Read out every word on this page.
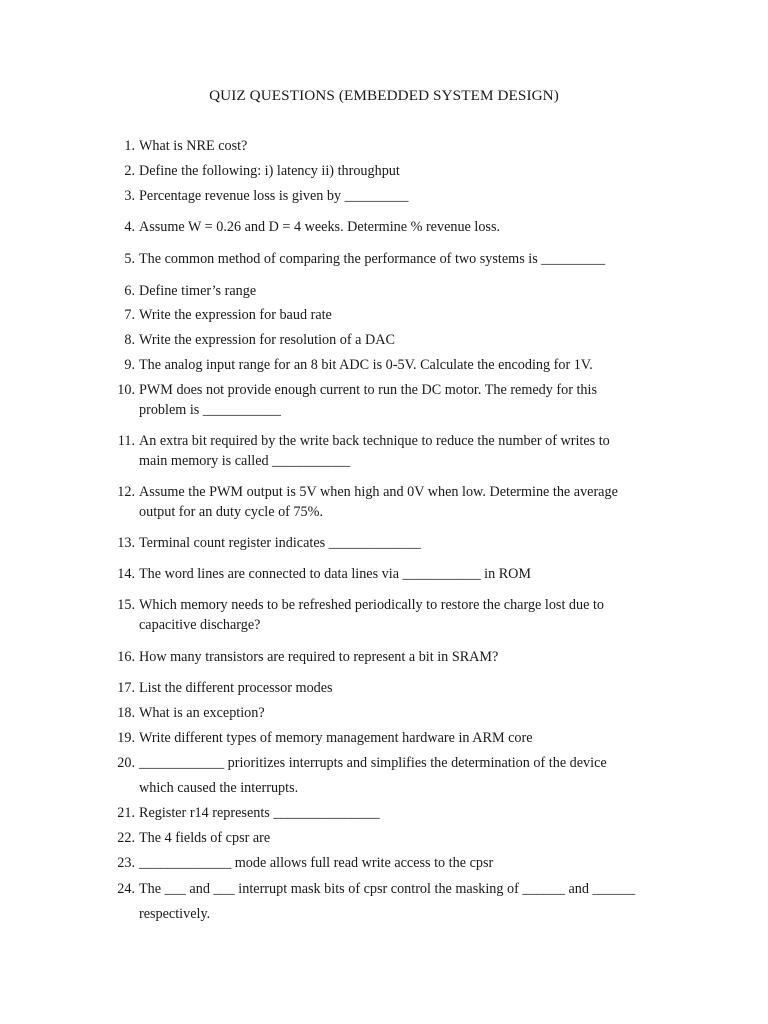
QUIZ QUESTIONS (EMBEDDED SYSTEM DESIGN)
1. What is NRE cost?
2. Define the following: i) latency ii) throughput
3. Percentage revenue loss is given by _________
4. Assume W = 0.26 and D = 4 weeks. Determine % revenue loss.
5. The common method of comparing the performance of two systems is _________
6. Define timer’s range
7. Write the expression for baud rate
8. Write the expression for resolution of a DAC
9. The analog input range for an 8 bit ADC is 0-5V. Calculate the encoding for 1V.
10. PWM does not provide enough current to run the DC motor. The remedy for this
problem is ___________
11. An extra bit required by the write back technique to reduce the number of writes to
main memory is called ___________
12. Assume the PWM output is 5V when high and 0V when low. Determine the average
output for an duty cycle of 75%.
13. Terminal count register indicates _____________
14. The word lines are connected to data lines via ___________ in ROM
15. Which memory needs to be refreshed periodically to restore the charge lost due to
capacitive discharge?
16. How many transistors are required to represent a bit in SRAM?
17. List the different processor modes
18. What is an exception?
19. Write different types of memory management hardware in ARM core
20. ____________ prioritizes interrupts and simplifies the determination of the device
which caused the interrupts.
21. Register r14 represents _______________
22. The 4 fields of cpsr are
23. _____________ mode allows full read write access to the cpsr
24. The ___ and ___ interrupt mask bits of cpsr control the masking of ______ and ______
respectively.
